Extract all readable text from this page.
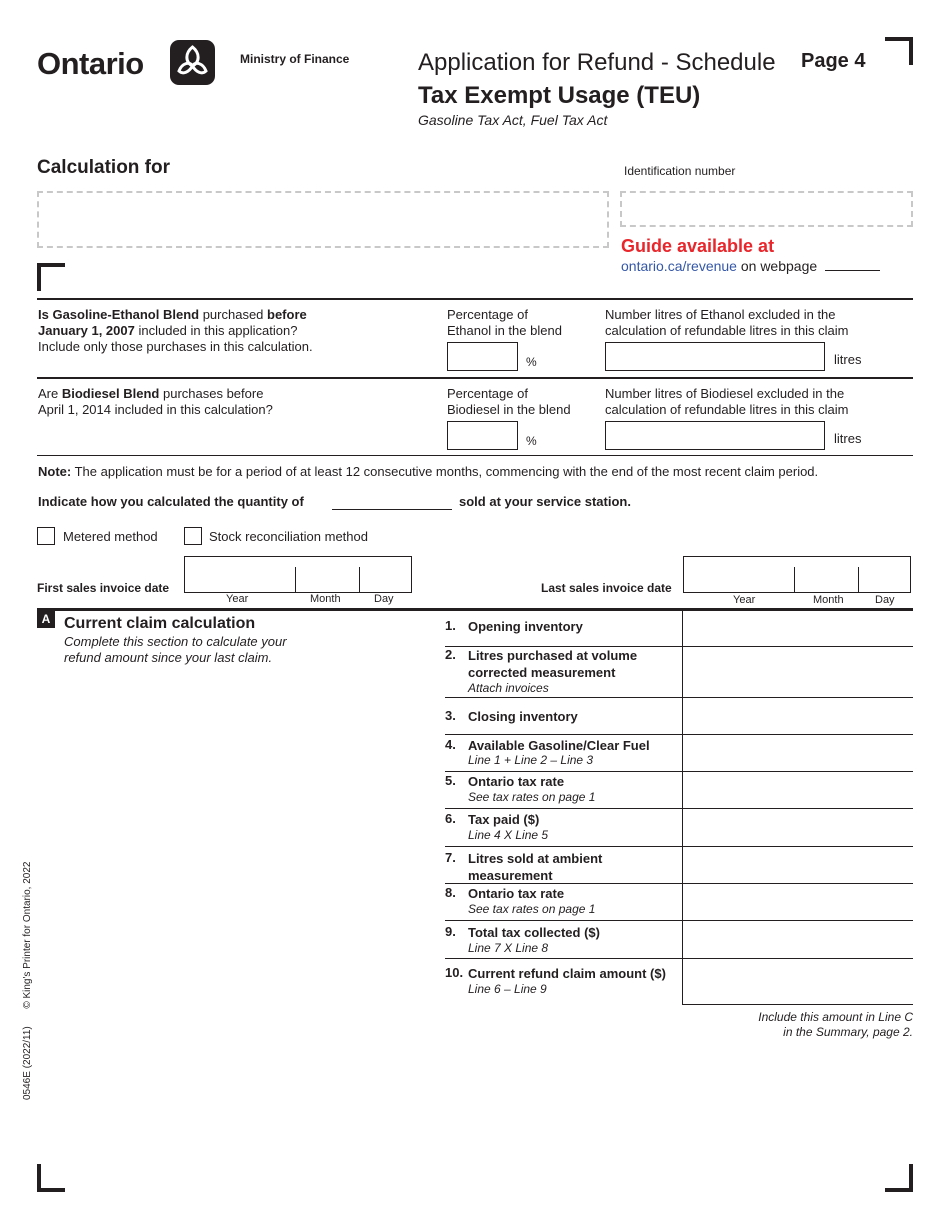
Ontario	Ministry of Finance	Application for Refund - Schedule Page 4
Tax Exempt Usage (TEU)
Gasoline Tax Act, Fuel Tax Act
Calculation for	Identification number
Guide available at
ontario.ca/revenue on webpage
Is Gasoline-Ethanol Blend purchased before
January 1, 2007 included in this application?
Include only those purchases in this calculation.
Percentage of
Ethanol in the blend
%
Number litres of Ethanol excluded in the
calculation of refundable litres in this claim
litres
Are Biodiesel Blend purchases before
April 1, 2014 included in this calculation?
Percentage of
Biodiesel in the blend
%
Number litres of Biodiesel excluded in the
calculation of refundable litres in this claim
litres
Note: The application must be for a period of at least 12 consecutive months, commencing with the end of the most recent claim period.
Indicate how you calculated the quantity of	sold at your service station.
Metered method	Stock reconciliation method
First sales invoice date
Year	Month	Day
Last sales invoice date
Year	Month	Day
A Current claim calculation
Complete this section to calculate your
refund amount since your last claim.
1. Opening inventory
2. Litres purchased at volume corrected measurement
Attach invoices
3. Closing inventory
4. Available Gasoline/Clear Fuel
Line 1 + Line 2 – Line 3
5. Ontario tax rate
See tax rates on page 1
6. Tax paid ($)
Line 4 X Line 5
7. Litres sold at ambient measurement
8. Ontario tax rate
See tax rates on page 1
9. Total tax collected ($)
Line 7 X Line 8
10. Current refund claim amount ($)
Line 6 – Line 9
Include this amount in Line C
in the Summary, page 2.
0546E (2022/11)  © King's Printer for Ontario, 2022
